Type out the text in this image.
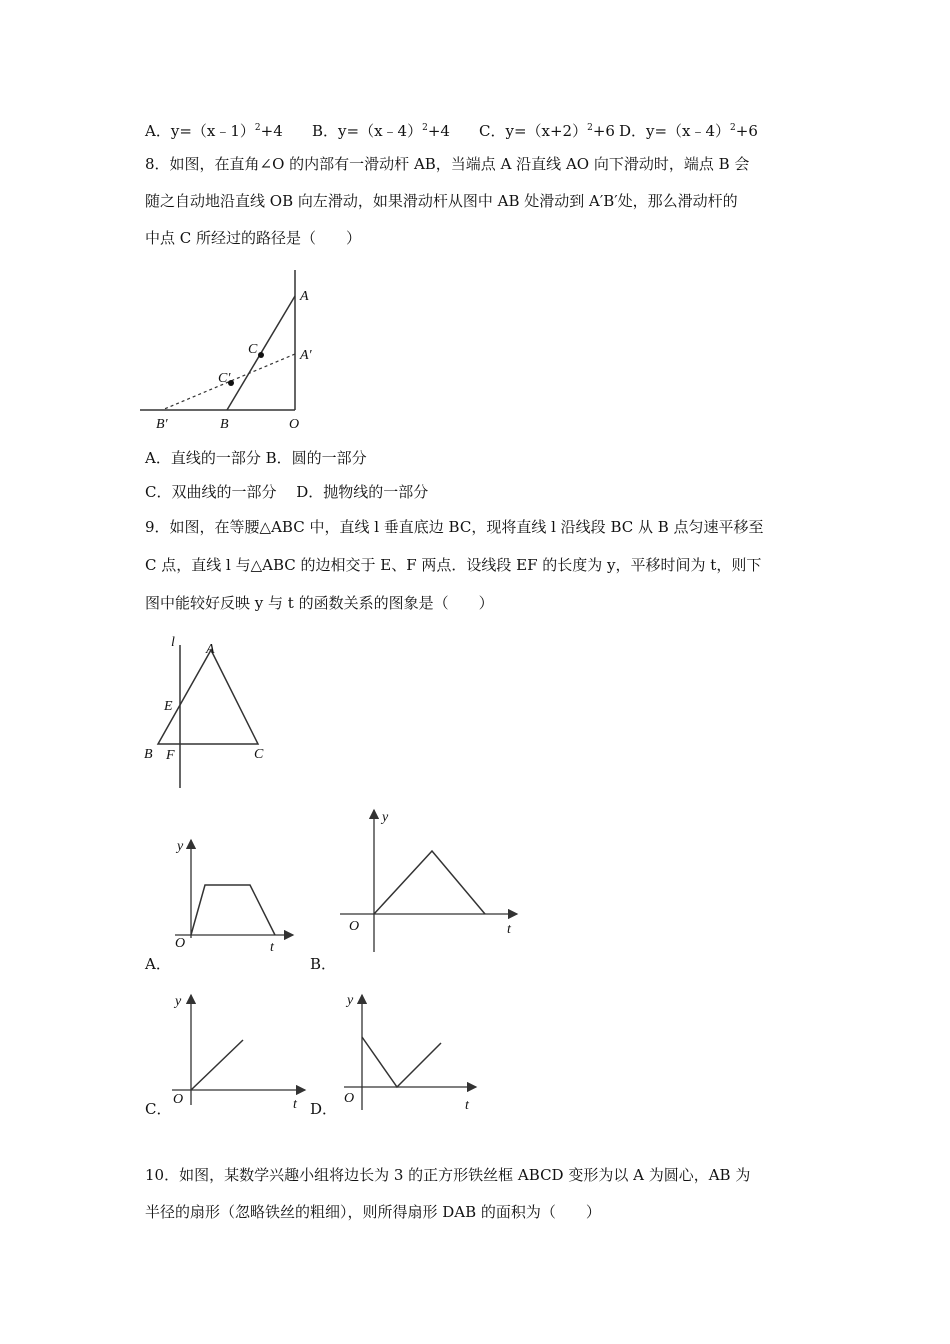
A．y=（x﹣1）$^2$+4 B．y=（x﹣4）$^2$+4 C．$y=(x+2)^2+6$ D．y=（x﹣4）$^2$+6
8．如图，在直角∠O 的内部有一滑动杆 AB，当端点 A 沿直线 AO 向下滑动时，端点 B 会
随之自动地沿直线 OB 向左滑动，如果滑动杆从图中 AB 处滑动到 A′B′处，那么滑动杆的
中点 C 所经过的路径是（　　）
A
A′
C
C′
B′	B	O
A．直线的一部分 B．圆的一部分
C．双曲线的一部分　 D．抛物线的一部分
9．如图，在等腰△ABC 中，直线 l 垂直底边 BC，现将直线 l 沿线段 BC 从 B 点匀速平移至
C 点，直线 l 与△ABC 的边相交于 E、F 两点．设线段 EF 的长度为 y，平移时间为 t，则下
图中能较好反映 y 与 t 的函数关系的图象是（　　）
l A
E
B F	C
y
O	t
A．
y
O	t
B．
y
O	t
C．
y
O	t
D．
10．如图，某数学兴趣小组将边长为 3 的正方形铁丝框 ABCD 变形为以 A 为圆心，AB 为
半径的扇形（忽略铁丝的粗细），则所得扇形 DAB 的面积为（　　）
